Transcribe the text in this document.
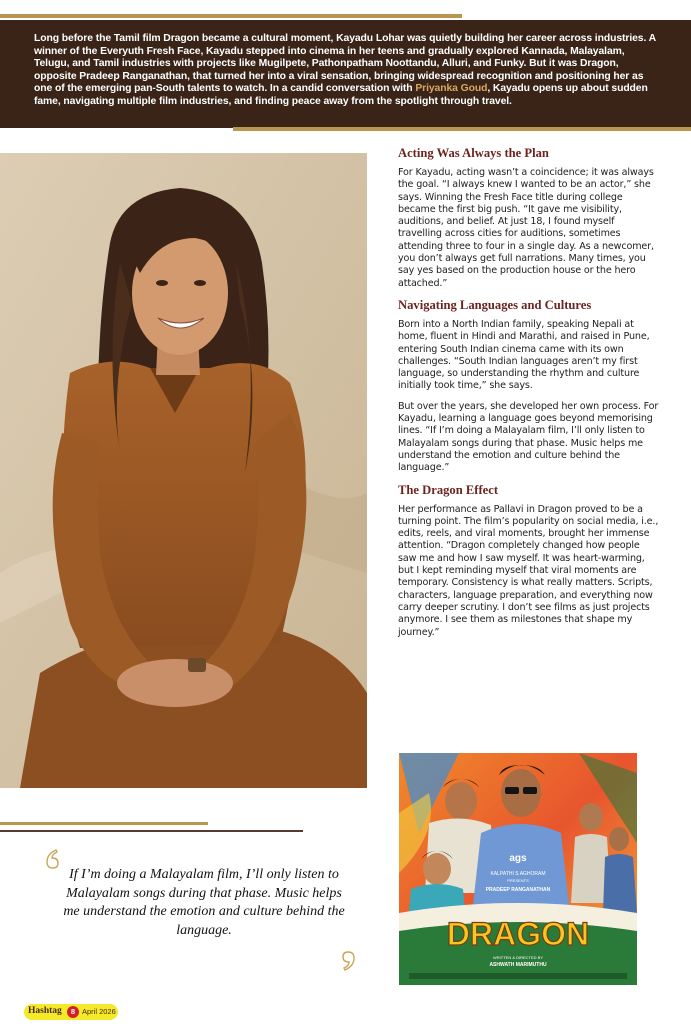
Long before the Tamil film Dragon became a cultural moment, Kayadu Lohar was quietly building her career across industries. A winner of the Everyuth Fresh Face, Kayadu stepped into cinema in her teens and gradually explored Kannada, Malayalam, Telugu, and Tamil industries with projects like Mugilpete, Pathonpatham Noottandu, Alluri, and Funky. But it was Dragon, opposite Pradeep Ranganathan, that turned her into a viral sensation, bringing widespread recognition and positioning her as one of the emerging pan-South talents to watch. In a candid conversation with Priyanka Goud, Kayadu opens up about sudden fame, navigating multiple film industries, and finding peace away from the spotlight through travel.

Acting Was Always the Plan

For Kayadu, acting wasn’t a coincidence; it was always the goal. “I always knew I wanted to be an actor,” she says. Winning the Fresh Face title during college became the first big push. “It gave me visibility, auditions, and belief. At just 18, I found myself travelling across cities for auditions, sometimes attending three to four in a single day. As a newcomer, you don’t always get full narrations. Many times, you say yes based on the production house or the hero attached.”

Navigating Languages and Cultures

Born into a North Indian family, speaking Nepali at home, fluent in Hindi and Marathi, and raised in Pune, entering South Indian cinema came with its own challenges. “South Indian languages aren’t my first language, so understanding the rhythm and culture initially took time,” she says.

But over the years, she developed her own process. For Kayadu, learning a language goes beyond memorising lines. “If I’m doing a Malayalam film, I’ll only listen to Malayalam songs during that phase. Music helps me understand the emotion and culture behind the language.”

The Dragon Effect

Her performance as Pallavi in Dragon proved to be a turning point. The film’s popularity on social media, i.e., edits, reels, and viral moments, brought her immense attention. “Dragon completely changed how people saw me and how I saw myself. It was heart-warming, but I kept reminding myself that viral moments are temporary. Consistency is what really matters. Scripts, characters, language preparation, and everything now carry deeper scrutiny. I don’t see films as just projects anymore. I see them as milestones that shape my journey.”

If I’m doing a Malayalam film, I’ll only listen to Malayalam songs during that phase. Music helps me understand the emotion and culture behind the language.

ags
KALPATHI S AGHORAM
PRESENTS
PRADEEP RANGANATHAN
DRAGON
WRITTEN & DIRECTED BY
ASHWATH MARIMUTHU
Hashtag	8 April 2026
